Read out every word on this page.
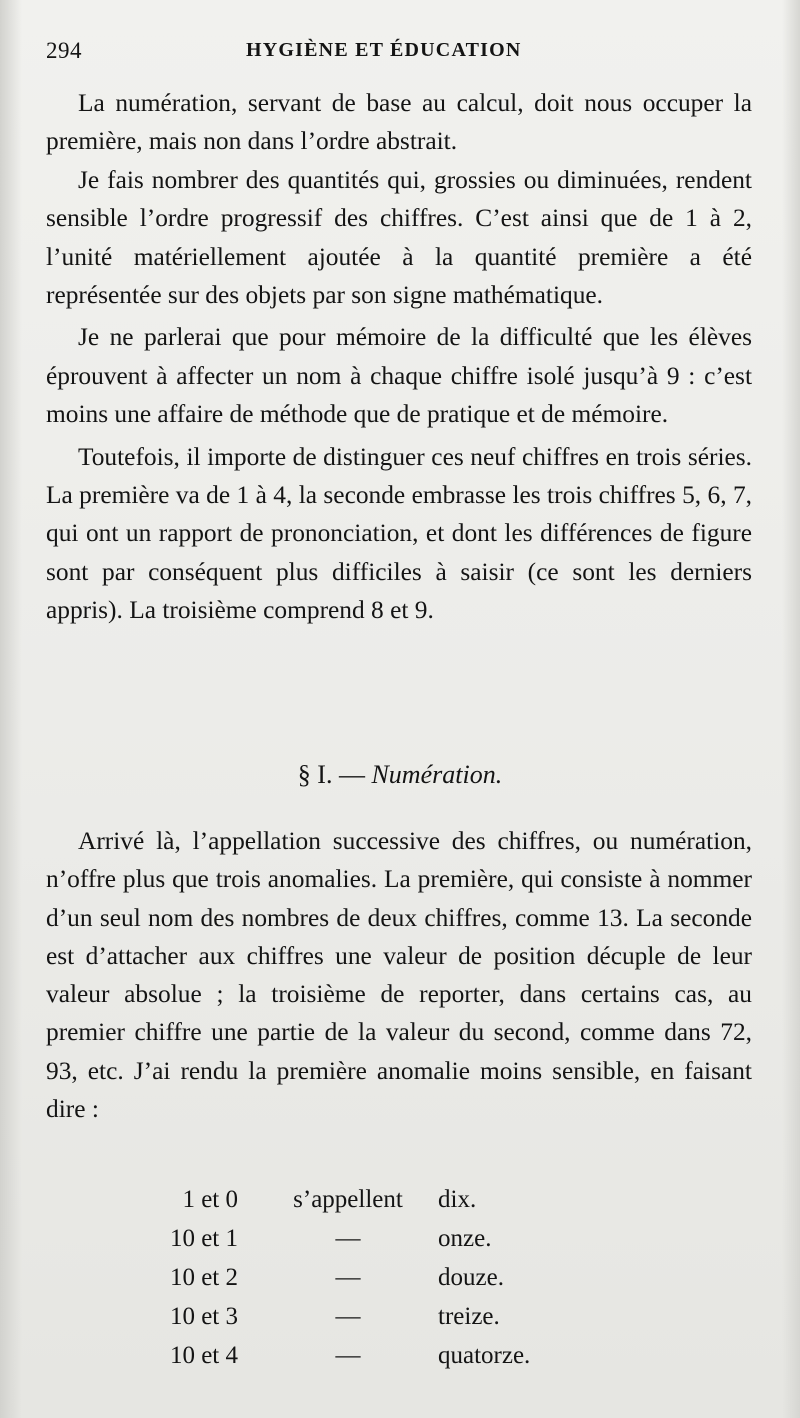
294	HYGIÈNE ET ÉDUCATION

La numération, servant de base au calcul, doit nous occuper la première, mais non dans l’ordre abstrait.

Je fais nombrer des quantités qui, grossies ou diminuées, rendent sensible l’ordre progressif des chiffres. C’est ainsi que de 1 à 2, l’unité matériellement ajoutée à la quantité première a été représentée sur des objets par son signe mathématique.

Je ne parlerai que pour mémoire de la difficulté que les élèves éprouvent à affecter un nom à chaque chiffre isolé jusqu’à 9 : c’est moins une affaire de méthode que de pratique et de mémoire.

Toutefois, il importe de distinguer ces neuf chiffres en trois séries. La première va de 1 à 4, la seconde embrasse les trois chiffres 5, 6, 7, qui ont un rapport de prononciation, et dont les différences de figure sont par conséquent plus difficiles à saisir (ce sont les derniers appris). La troisième comprend 8 et 9.

§ I. — Numération.

Arrivé là, l’appellation successive des chiffres, ou numération, n’offre plus que trois anomalies. La première, qui consiste à nommer d’un seul nom des nombres de deux chiffres, comme 13. La seconde est d’attacher aux chiffres une valeur de position décuple de leur valeur absolue ; la troisième de reporter, dans certains cas, au premier chiffre une partie de la valeur du second, comme dans 72, 93, etc. J’ai rendu la première anomalie moins sensible, en faisant dire :

1 et 0	s’appellent	dix.
10 et 1	—	onze.
10 et 2	—	douze.
10 et 3	—	treize.
10 et 4	—	quatorze.
